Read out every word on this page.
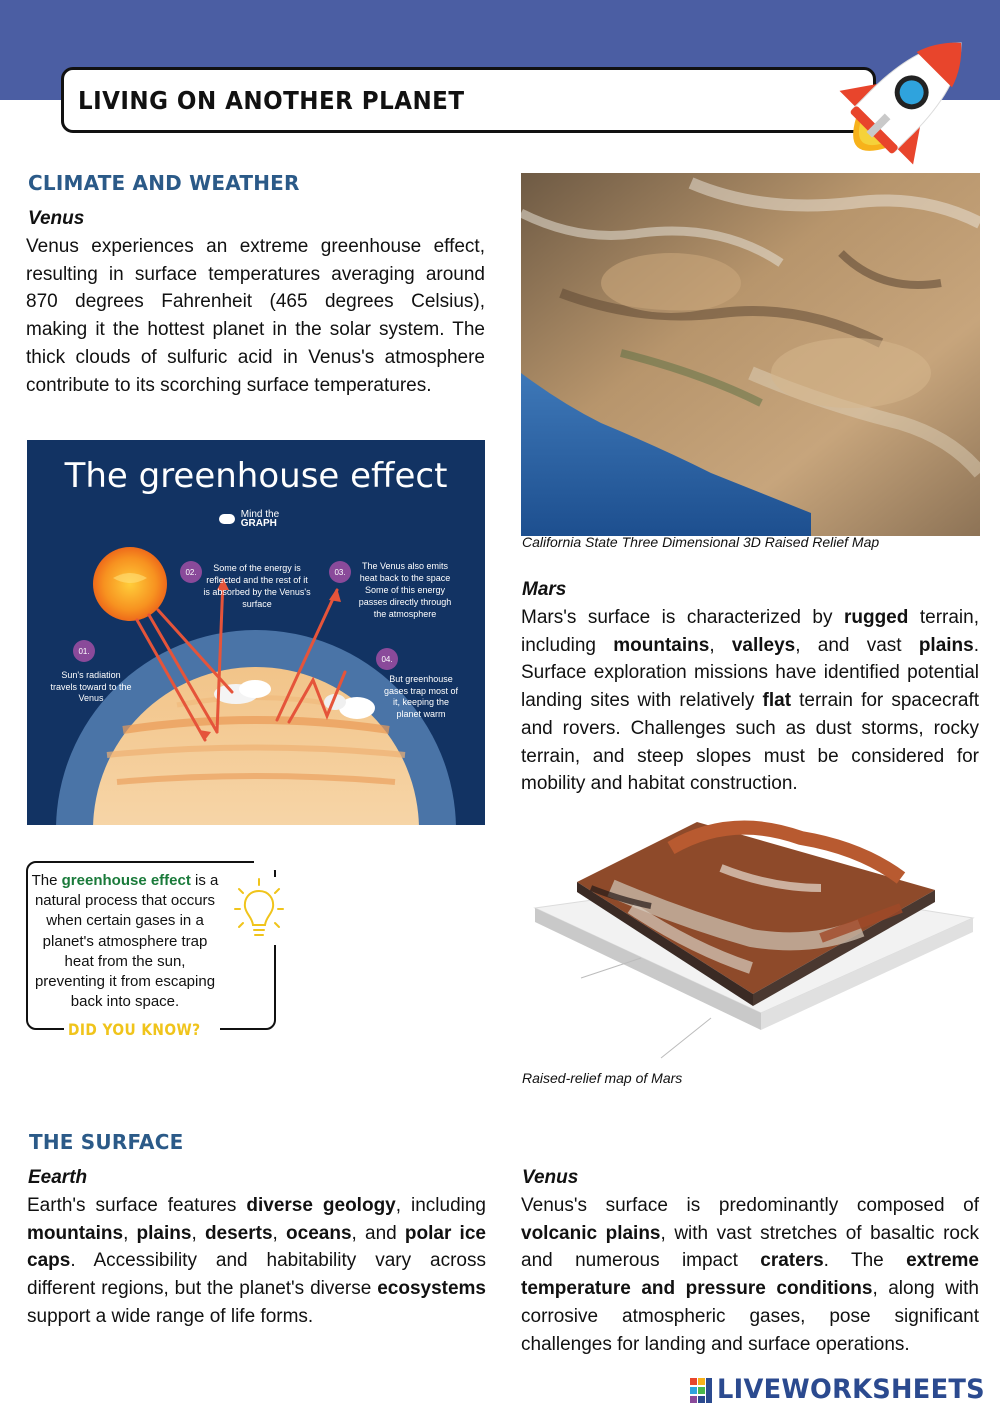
LIVING ON ANOTHER PLANET
CLIMATE AND WEATHER
Venus
Venus experiences an extreme greenhouse effect, resulting in surface temperatures averaging around 870 degrees Fahrenheit (465 degrees Celsius), making it the hottest planet in the solar system. The thick clouds of sulfuric acid in Venus's atmosphere contribute to its scorching surface temperatures.
The greenhouse effect

Mind the
GRAPH
01.
Sun's radiation travels toward to the Venus
02.	Some of the energy is reflected and the rest of it is absorbed by the Venus's surface
03.
The Venus also emits heat back to the space Some of this energy passes directly through the atmosphere
04.
But greenhouse gases trap most of it, keeping the planet warm
The greenhouse effect is a natural process that occurs when certain gases in a planet's atmosphere trap heat from the sun, preventing it from escaping back into space.
DID YOU KNOW?
California State Three Dimensional 3D Raised Relief Map
Mars
Mars's surface is characterized by rugged terrain, including mountains, valleys, and vast plains. Surface exploration missions have identified potential landing sites with relatively flat terrain for spacecraft and rovers. Challenges such as dust storms, rocky terrain, and steep slopes must be considered for mobility and habitat construction.
Raised-relief map of Mars
THE SURFACE
Eearth
Earth's surface features diverse geology, including mountains, plains, deserts, oceans, and polar ice caps. Accessibility and habitability vary across different regions, but the planet's diverse ecosystems support a wide range of life forms.
Venus
Venus's surface is predominantly composed of volcanic plains, with vast stretches of basaltic rock and numerous impact craters. The extreme temperature and pressure conditions, along with corrosive atmospheric gases, pose significant challenges for landing and surface operations.
LIVEWORKSHEETS
